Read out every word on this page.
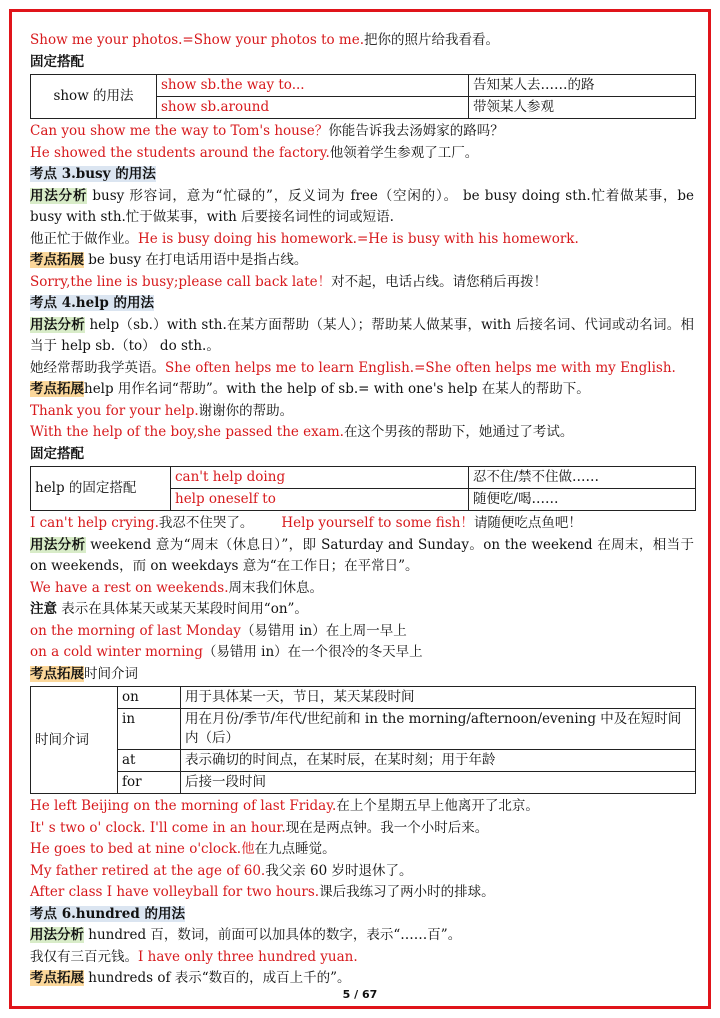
Show me your photos.=Show your photos to me.把你的照片给我看看。

固定搭配

show 的用法	show sb.the way to...	告知某人去……的路
	show sb.around	带领某人参观

Can you show me the way to Tom's house？你能告诉我去汤姆家的路吗？

He showed the students around the factory.他领着学生参观了工厂。

考点 3.busy 的用法

用法分析 busy 形容词，意为“忙碌的”，反义词为 free（空闲的）。 be busy doing sth.忙着做某事，be busy with sth.忙于做某事，with 后要接名词性的词或短语.

他正忙于做作业。He is busy doing his homework.=He is busy with his homework.

考点拓展 be busy 在打电话用语中是指占线。

Sorry,the line is busy;please call back late！对不起，电话占线。请您稍后再拨！

考点 4.help 的用法

用法分析 help（sb.）with sth.在某方面帮助（某人）；帮助某人做某事，with 后接名词、代词或动名词。相当于 help sb.（to） do sth.。

她经常帮助我学英语。She often helps me to learn English.=She often helps me with my English.

考点拓展help 用作名词“帮助”。with the help of sb.= with one's help 在某人的帮助下。

Thank you for your help.谢谢你的帮助。

With the help of the boy,she passed the exam.在这个男孩的帮助下，她通过了考试。

固定搭配

help 的固定搭配	can't help doing	忍不住/禁不住做……
	help oneself to	随便吃/喝……

I can't help crying.我忍不住哭了。 Help yourself to some fish！请随便吃点鱼吧！

用法分析 weekend 意为“周末（休息日）”，即 Saturday and Sunday。on the weekend 在周末，相当于 on weekends，而 on weekdays 意为“在工作日；在平常日”。

We have a rest on weekends.周末我们休息。

注意 表示在具体某天或某天某段时间用“on”。

on the morning of last Monday（易错用 in）在上周一早上

on a cold winter morning（易错用 in）在一个很冷的冬天早上

考点拓展时间介词

时间介词	on	用于具体某一天，节日，某天某段时间
	in	用在月份/季节/年代/世纪前和 in the morning/afternoon/evening 中及在短时间内（后）
	at	表示确切的时间点，在某时辰，在某时刻；用于年龄
	for	后接一段时间

He left Beijing on the morning of last Friday.在上个星期五早上他离开了北京。

It' s two o' clock. I'll come in an hour.现在是两点钟。我一个小时后来。

He goes to bed at nine o'clock.他在九点睡觉。

My father retired at the age of 60.我父亲 60 岁时退休了。

After class I have volleyball for two hours.课后我练习了两小时的排球。

考点 6.hundred 的用法

用法分析 hundred 百，数词，前面可以加具体的数字，表示“……百”。

我仅有三百元钱。I have only three hundred yuan.

考点拓展 hundreds of 表示“数百的，成百上千的”。

5 / 67
